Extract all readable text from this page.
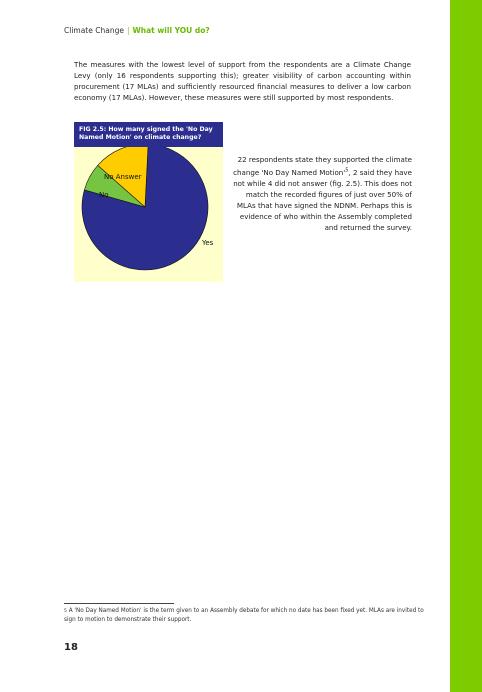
Climate Change | What will YOU do?

The measures with the lowest level of support from the respondents are a Climate Change Levy (only 16 respondents supporting this); greater visibility of carbon accounting within procurement (17 MLAs) and sufficiently resourced financial measures to deliver a low carbon economy (17 MLAs). However, these measures were still supported by most respondents.

FIG 2.5: How many signed the 'No Day
Named Motion' on climate change?
Yes
No
No Answer

22 respondents state they supported the climate change 'No Day Named $Motion'^5$, 2 said they have not while 4 did not answer (fig. 2.5). This does not match the recorded figures of just over 50% of MLAs that have signed the NDNM. Perhaps this is evidence of who within the Assembly completed and returned the survey.

$^5$ A 'No Day Named Motion' is the term given to an Assembly debate for which no date has been fixed yet. MLAs are invited to sign to motion to demonstrate their support.

18
